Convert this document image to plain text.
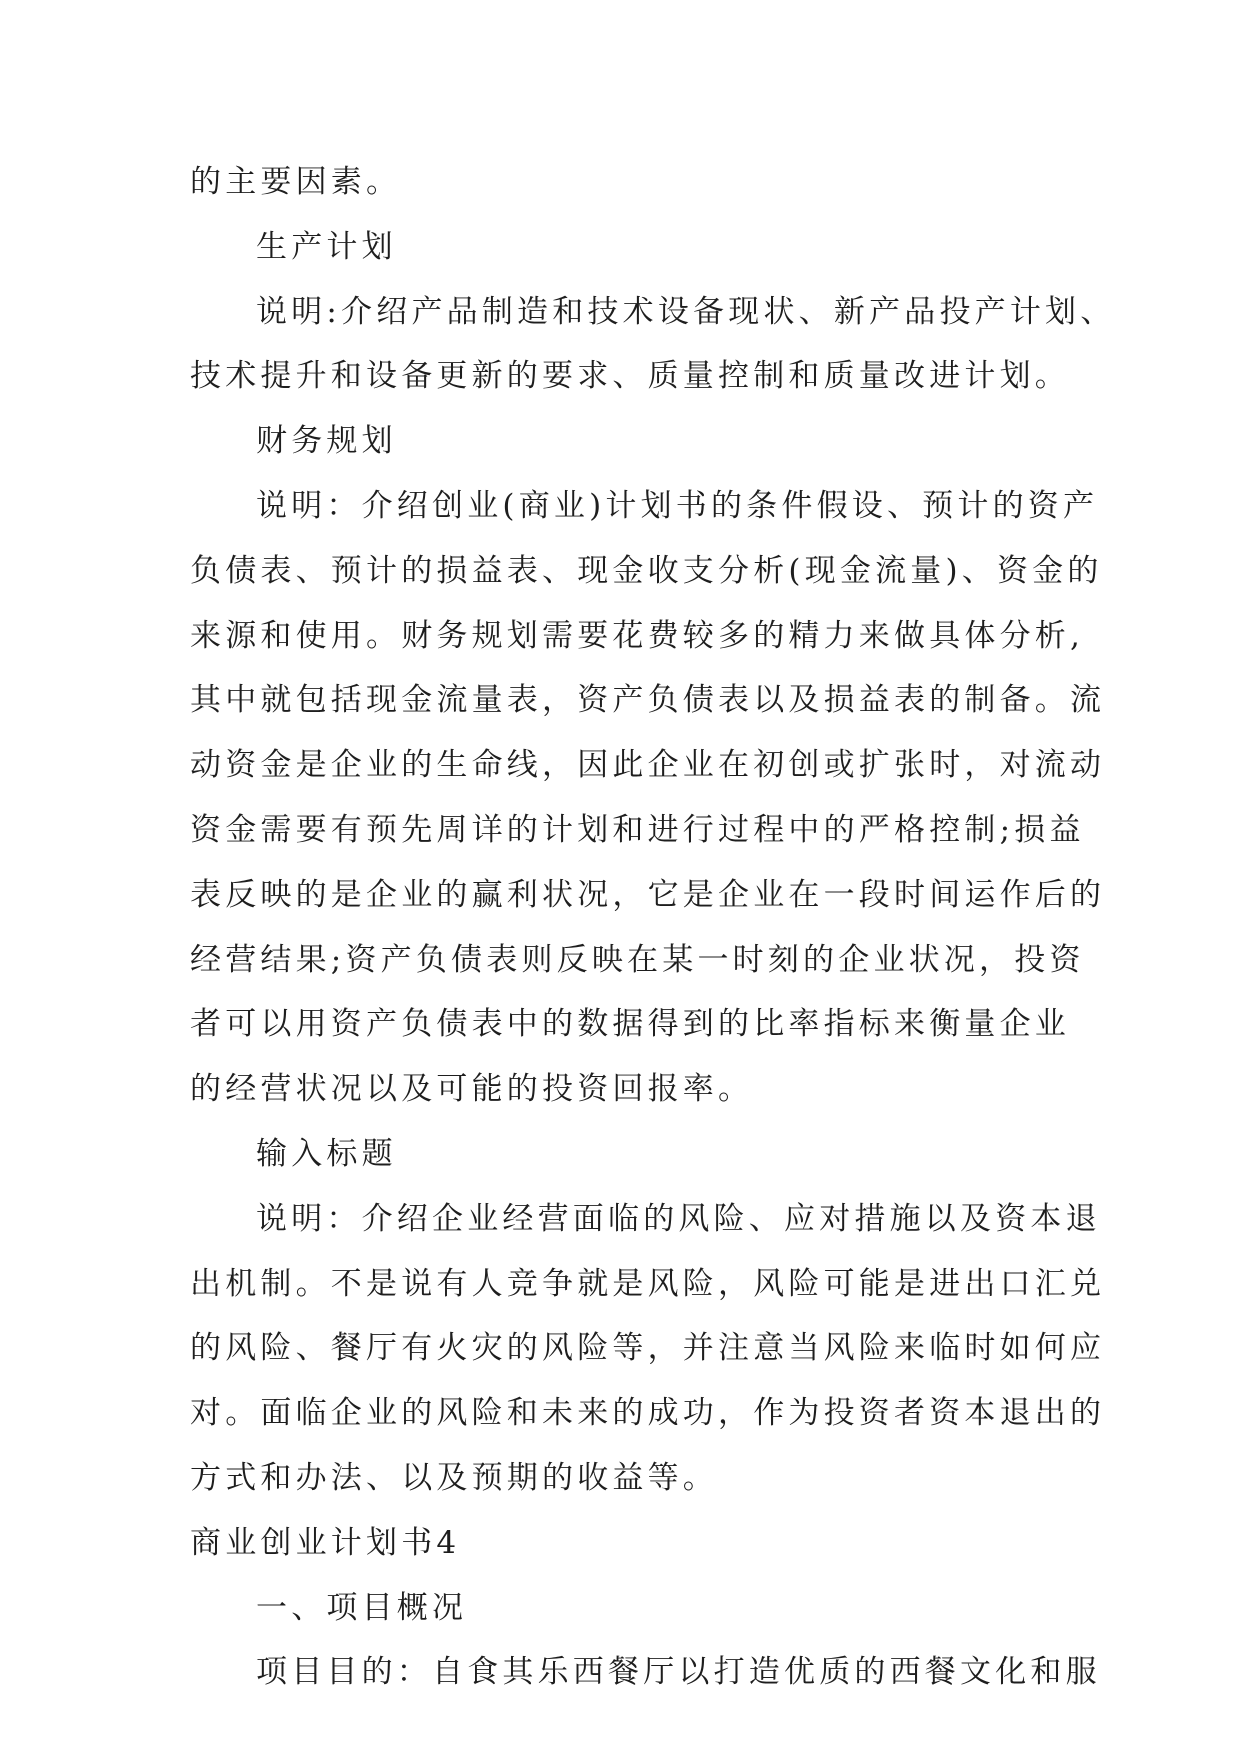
的主要因素。
生产计划
说明:介绍产品制造和技术设备现状、新产品投产计划、
技术提升和设备更新的要求、质量控制和质量改进计划。
财务规划
说明：介绍创业(商业)计划书的条件假设、预计的资产
负债表、预计的损益表、现金收支分析(现金流量)、资金的
来源和使用。财务规划需要花费较多的精力来做具体分析,
其中就包括现金流量表，资产负债表以及损益表的制备。流
动资金是企业的生命线，因此企业在初创或扩张时，对流动
资金需要有预先周详的计划和进行过程中的严格控制;损益
表反映的是企业的赢利状况，它是企业在一段时间运作后的
经营结果;资产负债表则反映在某一时刻的企业状况，投资
者可以用资产负债表中的数据得到的比率指标来衡量企业
的经营状况以及可能的投资回报率。
输入标题
说明：介绍企业经营面临的风险、应对措施以及资本退
出机制。不是说有人竞争就是风险，风险可能是进出口汇兑
的风险、餐厅有火灾的风险等，并注意当风险来临时如何应
对。面临企业的风险和未来的成功，作为投资者资本退出的
方式和办法、以及预期的收益等。
商业创业计划书4
一、项目概况
项目目的：自食其乐西餐厅以打造优质的西餐文化和服
